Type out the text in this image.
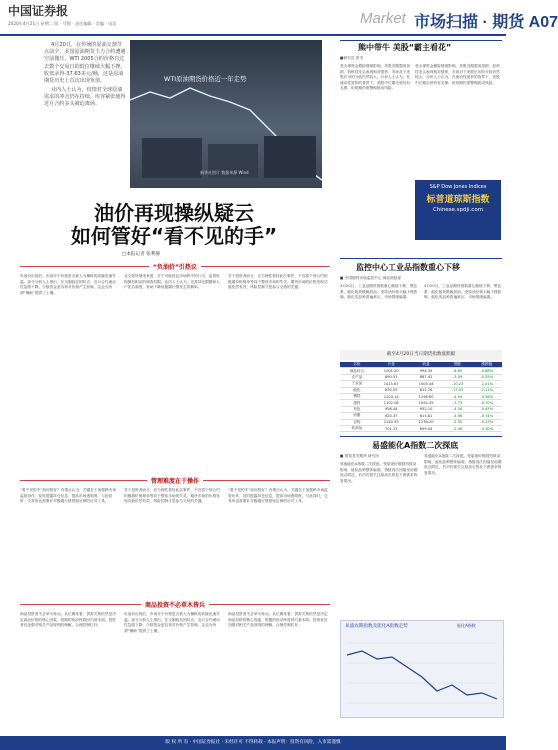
中国证券报
2020年4月21日 星期二 版 · 号数 · 责任编辑 · 美编 · 电话	Market 市场扫描 · 期货 A07

4月20日，在传统的原油交割节点前夕，美国原油期货主力合约遭遇空前抛压，WTI 2005合约价格自过去数个交易日的低位继续大幅下挫，收盘录得-37.63美元/桶，这是原油期货历史上首次出现负值。

业内人士认为，疫情对全球原油需求的冲击仍在持续，库容紧张使得近月合约多头被迫离场。

WTI原油期货价格近一年走势
新华社图片 数据来源 Wind
油价再现操纵疑云
如何管好“看不见的手”
□本报记者 张利静
“负油价”引热议
负油价出现后，市场对于价格是否被人为操纵的质疑迅速升温。部分分析人士指出，在交割临近的时点，近月合约流动性急剧下降，少数资金更容易对价格产生影响，这也为所谓“操纵”提供了土壤。
从交易所规则来看，对于可能扰乱市场秩序的行为，监管机构拥有相应的调查权限。业内人士认为，完善持仓限额和大户报告制度，有助于降低极端行情发生的概率。
对于投资者而言，应当理性看待此次事件，不宜将个别合约的极端价格简单等同于整体市场的失灵。期货市场的价格发现功能依然有效，风险控制才是参与交易的关键。
管理难度在于操作
“看不见的手”如何管好？有观点认为，关键在于加强跨市场监管协作，及时披露持仓信息，提高市场透明度。与此同时，交易所也需要针对极端行情预留足够的应对工具。
对于投资者而言，应当理性看待此次事件，不宜将个别合约的极端价格简单等同于整体市场的失灵。期货市场的价格发现功能依然有效，风险控制才是参与交易的关键。
“看不见的手”如何管好？有观点认为，关键在于加强跨市场监管协作，及时披露持仓信息，提高市场透明度。与此同时，交易所也需要针对极端行情预留足够的应对工具。
商品投资不必草木皆兵
商品投资者不必草木皆兵。从长期来看，供需关系依然是决定商品价格的核心因素，短期的扰动终将回归基本面。投资者宜加强对相关产品规则的理解，合理控制杠杆。
负油价出现后，市场对于价格是否被人为操纵的质疑迅速升温。部分分析人士指出，在交割临近的时点，近月合约流动性急剧下降，少数资金更容易对价格产生影响，这也为所谓“操纵”提供了土壤。
商品投资者不必草木皆兵。从长期来看，供需关系依然是决定商品价格的核心因素，短期的扰动终将回归基本面。投资者宜加强对相关产品规则的理解，合理控制杠杆。
熊中带牛 美股“霸主看花”
■研究员 张韦
受全球资金避险情绪影响，美股近期震荡加剧，但科技龙头表现相对强势，市场对于美股后市的分歧仍然较大。分析人士认为，在流动性宽松的背景下，美股中长期走势仍有支撑，但短期仍需警惕波动风险。
受全球资金避险情绪影响，美股近期震荡加剧，但科技龙头表现相对强势，市场对于美股后市的分歧仍然较大。分析人士认为，在流动性宽松的背景下，美股中长期走势仍有支撑，但短期仍需警惕波动风险。
S&P Dow Jones Indices
标普道琼斯指数
Chinese.spdji.com
监控中心工业品指数重心下移
■ 中国期货市场监控中心 商品指数部
4月20日，工业品期货指数重心继续下移，黑色系、能化板块跌幅居前。受原油价格大幅下挫影响，能化类品种普遍承压，市场情绪偏弱。
4月20日，工业品期货指数重心继续下移，黑色系、能化板块跌幅居前。受原油价格大幅下挫影响，能化类品种普遍承压，市场情绪偏弱。
截至4月20日当日期货指数涨跌幅
名称	开盘	收盘	涨跌	涨跌幅
商品综合	1001.20	994.35	-6.85	-0.68%
农产品	890.51	887.42	-3.09	-0.35%
工业品	1015.67	1005.44	-10.23	-1.01%
能化	830.29	812.76	-17.53	-2.11%
钢铁	1203.14	1198.60	-4.54	-0.38%
建材	1102.08	1094.35	-7.73	-0.70%
有色	956.44	952.10	-4.34	-0.45%
油脂	620.37	615.81	-4.56	-0.74%
谷物	1240.55	1238.20	-2.35	-0.19%
软商品	701.12	699.04	-2.08	-0.30%
易盛能化A指数二次探底
■ 国泰君安期货 研究所
易盛能化A指数二次探底。受原油价格剧烈波动影响，能化品种整体偏弱，指数再次回落至前期低点附近，后市仍需关注原油走势及下游需求恢复情况。
易盛能化A指数二次探底。受原油价格剧烈波动影响，能化品种整体偏弱，指数再次回落至前期低点附近，后市仍需关注原油走势及下游需求恢复情况。
易盛农期指数及能化A指数走势	能化A指数
版 权 所 有 · 中国证券报社 · 未经许可 不得转载 · 本报声明：投资有风险，入市需谨慎
